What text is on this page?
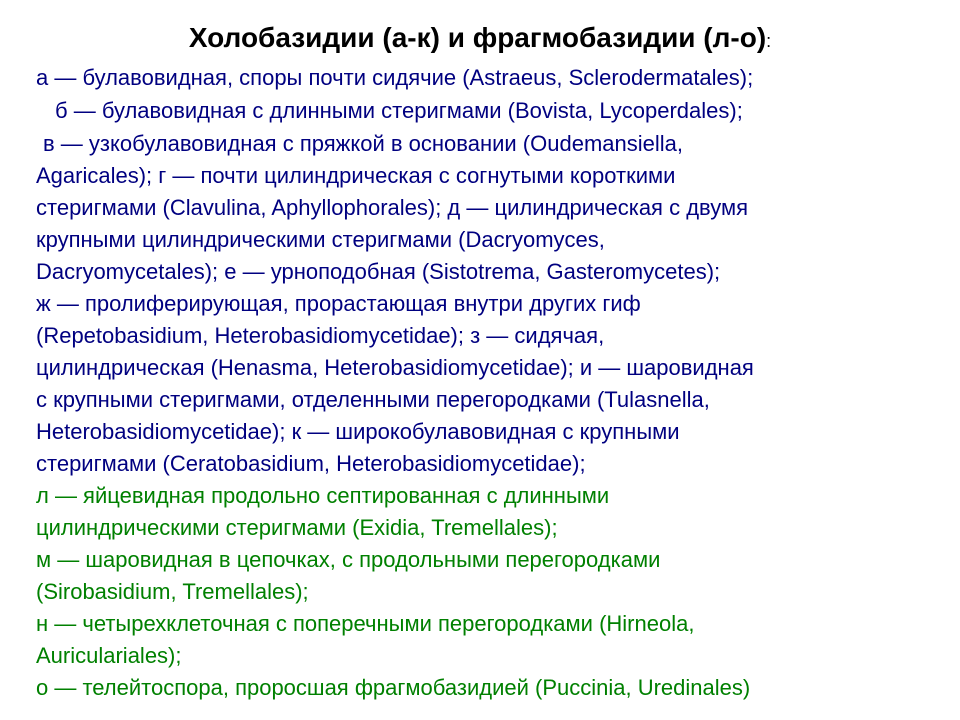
Холобазидии (а-к) и фрагмобазидии (л-о):
а — булавовидная, споры почти сидячие (Astraeus, Sclerodermatales);
б — булавовидная с длинными стеригмами (Bovista, Lycoperdales);
в — узкобулавовидная с пряжкой в основании (Oudemansiella,
Agaricales); г — почти цилиндрическая с согнутыми короткими
стеригмами (Clavulina, Aphyllophorales); д — цилиндрическая с двумя
крупными цилиндрическими стеригмами (Dacryomyces,
Dacryomycetales); е — урноподобная (Sistotrema, Gasteromycetes);
ж — пролиферирующая, прорастающая внутри других гиф
(Repetobasidium, Heterobasidiomycetidae); з — сидячая,
цилиндрическая (Henasma, Heterobasidiomycetidae); и — шаровидная
с крупными стеригмами, отделенными перегородками (Tulasnella,
Heterobasidiomycetidae); к — широкобулавовидная с крупными
стеригмами (Ceratobasidium, Heterobasidiomycetidae);
л — яйцевидная продольно септированная с длинными
цилиндрическими стеригмами (Exidia, Tremellales);
м — шаровидная в цепочках, с продольными перегородками
(Sirobasidium, Tremellales);
н — четырехклеточная с поперечными перегородками (Hirneola,
Auriculariales);
о — телейтоспора, проросшая фрагмобазидией (Puccinia, Uredinales)
